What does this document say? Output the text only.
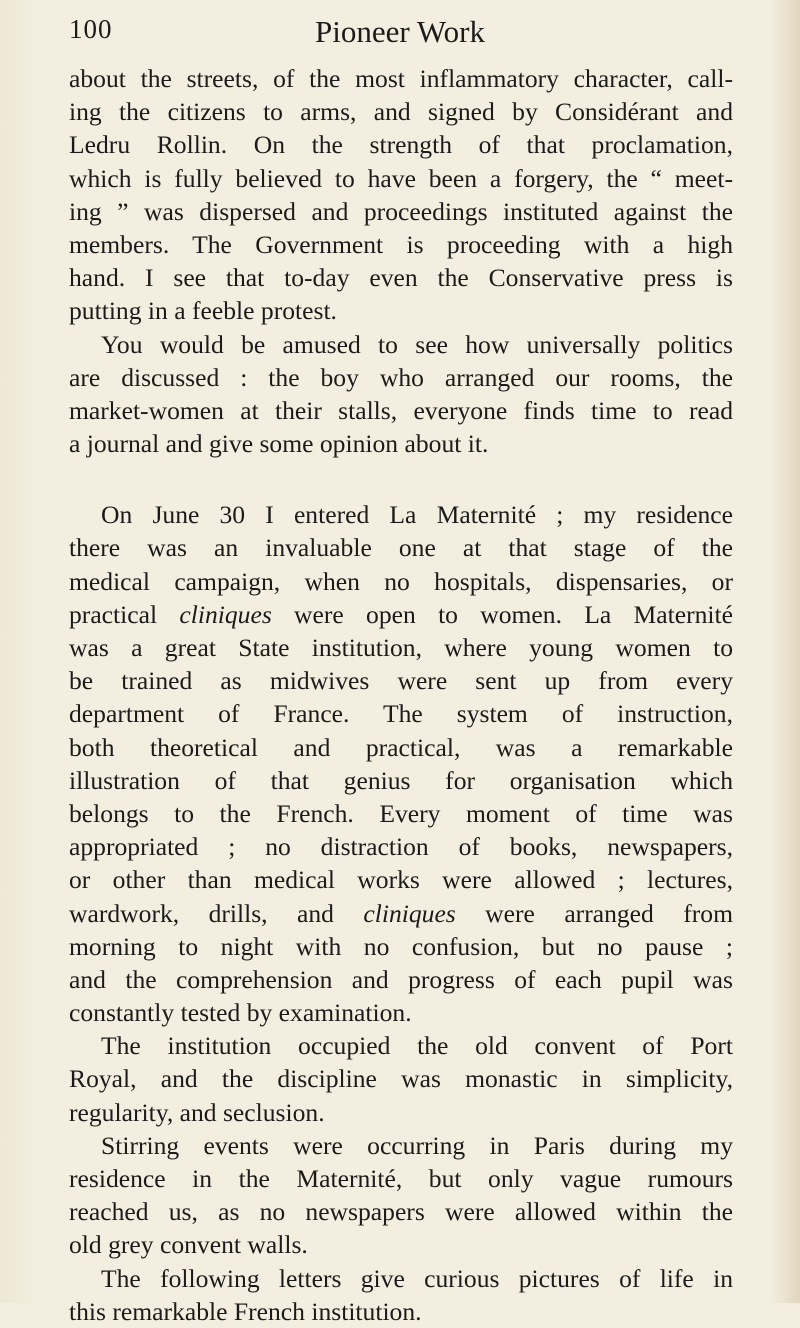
100	Pioneer Work
about the streets, of the most inflammatory character, call-
ing the citizens to arms, and signed by Considérant and
Ledru Rollin. On the strength of that proclamation,
which is fully believed to have been a forgery, the “ meet-
ing ” was dispersed and proceedings instituted against the
members. The Government is proceeding with a high
hand. I see that to-day even the Conservative press is
putting in a feeble protest.
You would be amused to see how universally politics
are discussed : the boy who arranged our rooms, the
market-women at their stalls, everyone finds time to read
a journal and give some opinion about it.
On June 30 I entered La Maternité ; my residence
there was an invaluable one at that stage of the
medical campaign, when no hospitals, dispensaries, or
practical cliniques were open to women. La Maternité
was a great State institution, where young women to
be trained as midwives were sent up from every
department of France. The system of instruction,
both theoretical and practical, was a remarkable
illustration of that genius for organisation which
belongs to the French. Every moment of time was
appropriated ; no distraction of books, newspapers,
or other than medical works were allowed ; lectures,
wardwork, drills, and cliniques were arranged from
morning to night with no confusion, but no pause ;
and the comprehension and progress of each pupil was
constantly tested by examination.
The institution occupied the old convent of Port
Royal, and the discipline was monastic in simplicity,
regularity, and seclusion.
Stirring events were occurring in Paris during my
residence in the Maternité, but only vague rumours
reached us, as no newspapers were allowed within the
old grey convent walls.
The following letters give curious pictures of life in
this remarkable French institution.
